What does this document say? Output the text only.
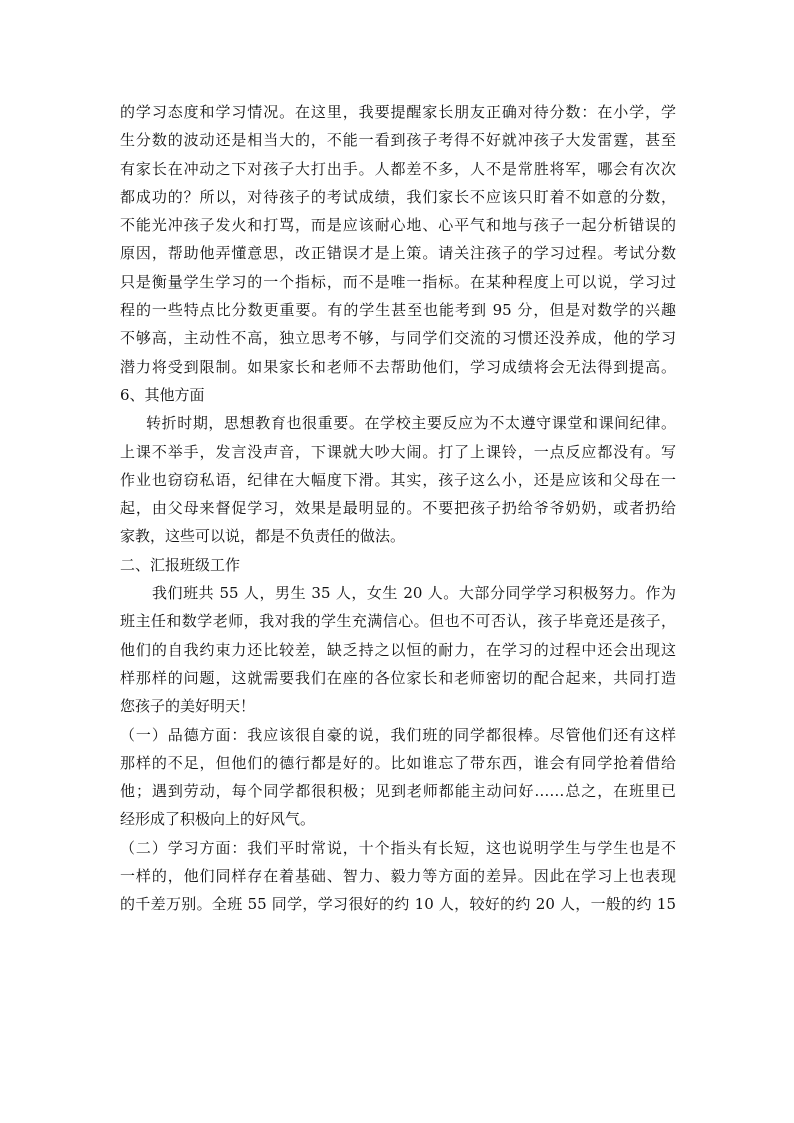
的学习态度和学习情况。在这里，我要提醒家长朋友正确对待分数：在小学，学
生分数的波动还是相当大的，不能一看到孩子考得不好就冲孩子大发雷霆，甚至
有家长在冲动之下对孩子大打出手。人都差不多，人不是常胜将军，哪会有次次
都成功的？所以，对待孩子的考试成绩，我们家长不应该只盯着不如意的分数，
不能光冲孩子发火和打骂，而是应该耐心地、心平气和地与孩子一起分析错误的
原因，帮助他弄懂意思，改正错误才是上策。请关注孩子的学习过程。考试分数
只是衡量学生学习的一个指标，而不是唯一指标。在某种程度上可以说，学习过
程的一些特点比分数更重要。有的学生甚至也能考到 95 分，但是对数学的兴趣
不够高，主动性不高，独立思考不够，与同学们交流的习惯还没养成，他的学习
潜力将受到限制。如果家长和老师不去帮助他们，学习成绩将会无法得到提高。
6、其他方面
转折时期，思想教育也很重要。在学校主要反应为不太遵守课堂和课间纪律。
上课不举手，发言没声音，下课就大吵大闹。打了上课铃，一点反应都没有。写
作业也窃窃私语，纪律在大幅度下滑。其实，孩子这么小，还是应该和父母在一
起，由父母来督促学习，效果是最明显的。不要把孩子扔给爷爷奶奶，或者扔给
家教，这些可以说，都是不负责任的做法。
二、汇报班级工作
我们班共 55 人，男生 35 人，女生 20 人。大部分同学学习积极努力。作为
班主任和数学老师，我对我的学生充满信心。但也不可否认，孩子毕竟还是孩子，
他们的自我约束力还比较差，缺乏持之以恒的耐力，在学习的过程中还会出现这
样那样的问题，这就需要我们在座的各位家长和老师密切的配合起来，共同打造
您孩子的美好明天！
（一）品德方面：我应该很自豪的说，我们班的同学都很棒。尽管他们还有这样
那样的不足，但他们的德行都是好的。比如谁忘了带东西，谁会有同学抢着借给
他；遇到劳动，每个同学都很积极；见到老师都能主动问好……总之，在班里已
经形成了积极向上的好风气。
（二）学习方面：我们平时常说，十个指头有长短，这也说明学生与学生也是不
一样的，他们同样存在着基础、智力、毅力等方面的差异。因此在学习上也表现
的千差万别。全班 55 同学，学习很好的约 10 人，较好的约 20 人，一般的约 15
